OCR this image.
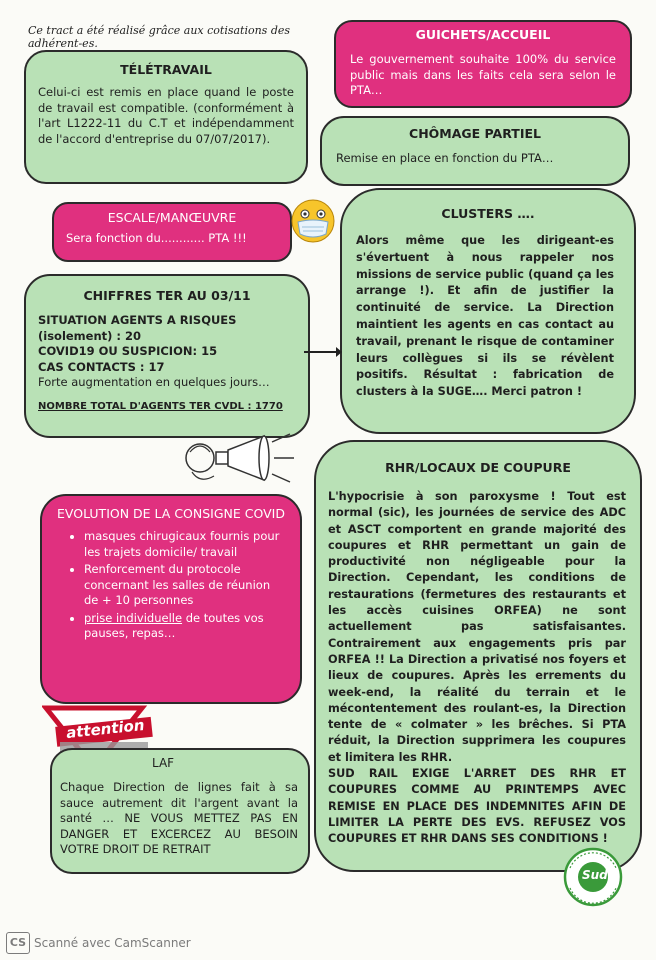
Ce tract a été réalisé grâce aux cotisations des adhérent-es.
GUICHETS/ACCUEIL
Le gouvernement souhaite 100% du service public mais dans les faits cela sera selon le PTA…
TÉLÉTRAVAIL
Celui-ci est remis en place quand le poste de travail est compatible. (conformément à l'art L1222-11 du C.T et indépendamment de l'accord d'entreprise du 07/07/2017).	CHÔMAGE PARTIEL
Remise en place en fonction du PTA…
ESCALE/MANŒUVRE
Sera fonction du............ PTA !!!
CLUSTERS ….
Alors même que les dirigeant-es s'évertuent à nous rappeler nos missions de service public (quand ça les arrange !). Et afin de justifier la continuité de service. La Direction maintient les agents en cas contact au travail, prenant le risque de contaminer leurs collègues si ils se révèlent positifs. Résultat : fabrication de clusters à la SUGE…. Merci patron !
CHIFFRES TER AU 03/11
SITUATION AGENTS A RISQUES (isolement) : 20
COVID19 OU SUSPICION: 15
CAS CONTACTS : 17
Forte augmentation en quelques jours…
NOMBRE TOTAL D'AGENTS TER CVDL : 1770
EVOLUTION DE LA CONSIGNE COVID
• masques chirugicaux fournis pour les trajets domicile/ travail
• Renforcement du protocole concernant les salles de réunion de + 10 personnes
• prise individuelle de toutes vos pauses, repas…
RHR/LOCAUX DE COUPURE
L'hypocrisie à son paroxysme ! Tout est normal (sic), les journées de service des ADC et ASCT comportent en grande majorité des coupures et RHR permettant un gain de productivité non négligeable pour la Direction. Cependant, les conditions de restaurations (fermetures des restaurants et les accès cuisines ORFEA) ne sont actuellement pas satisfaisantes. Contrairement aux engagements pris par ORFEA !! La Direction a privatisé nos foyers et lieux de coupures. Après les errements du week-end, la réalité du terrain et le mécontentement des roulant-es, la Direction tente de « colmater » les brêches. Si PTA réduit, la Direction supprimera les coupures et limitera les RHR.
SUD RAIL EXIGE L'ARRET DES RHR ET COUPURES COMME AU PRINTEMPS AVEC REMISE EN PLACE DES INDEMNITES AFIN DE LIMITER LA PERTE DES EVS. REFUSEZ VOS COUPURES ET RHR DANS SES CONDITIONS !
attention
LAF
Chaque Direction de lignes fait à sa sauce autrement dit l'argent avant la santé … NE VOUS METTEZ PAS EN DANGER ET EXCERCEZ AU BESOIN VOTRE DROIT DE RETRAIT
Sud
CS Scanné avec CamScanner
